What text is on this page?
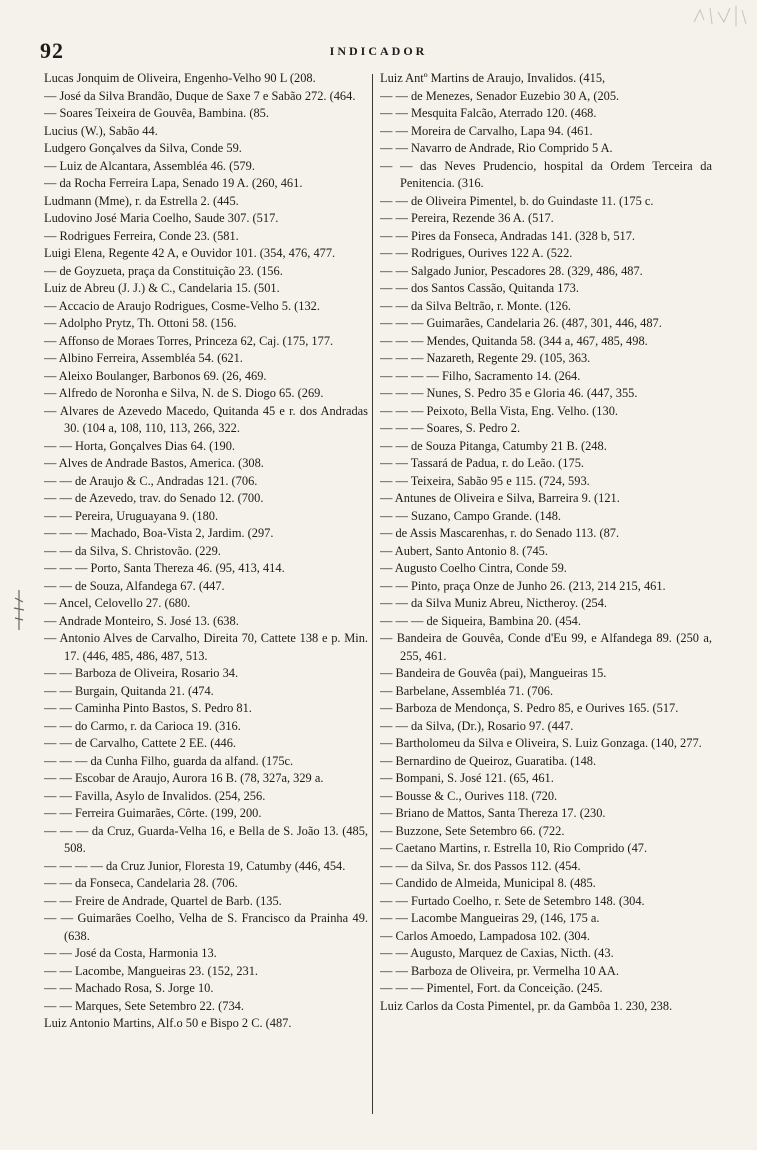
92	INDICADOR

Lucas Jonquim de Oliveira, Engenho-Velho 90 L (208.

— José da Silva Brandão, Duque de Saxe 7 e Sabão 272. (464.

— Soares Teixeira de Gouvêa, Bambina. (85.

Lucius (W.), Sabão 44.

Ludgero Gonçalves da Silva, Conde 59.

— Luiz de Alcantara, Assembléa 46. (579.

— da Rocha Ferreira Lapa, Senado 19 A. (260, 461.

Ludmann (Mme), r. da Estrella 2. (445.

Ludovino José Maria Coelho, Saude 307. (517.

— Rodrigues Ferreira, Conde 23. (581.

Luigi Elena, Regente 42 A, e Ouvidor 101. (354, 476, 477.

— de Goyzueta, praça da Constituição 23. (156.

Luiz de Abreu (J. J.) & C., Candelaria 15. (501.

— Accacio de Araujo Rodrigues, Cosme-Velho 5. (132.

— Adolpho Prytz, Th. Ottoni 58. (156.

— Affonso de Moraes Torres, Princeza 62, Caj. (175, 177.

— Albino Ferreira, Assembléa 54. (621.

— Aleixo Boulanger, Barbonos 69. (26, 469.

— Alfredo de Noronha e Silva, N. de S. Diogo 65. (269.

— Alvares de Azevedo Macedo, Quitanda 45 e r. dos Andradas 30. (104 a, 108, 110, 113, 266, 322.

— — Horta, Gonçalves Dias 64. (190.

— Alves de Andrade Bastos, America. (308.

— — de Araujo & C., Andradas 121. (706.

— — de Azevedo, trav. do Senado 12. (700.

— — Pereira, Uruguayana 9. (180.

— — — Machado, Boa-Vista 2, Jardim. (297.

— — da Silva, S. Christovão. (229.

— — — Porto, Santa Thereza 46. (95, 413, 414.

— — de Souza, Alfandega 67. (447.

— Ancel, Celovello 27. (680.

— Andrade Monteiro, S. José 13. (638.

— Antonio Alves de Carvalho, Direita 70, Cattete 138 e p. Min. 17. (446, 485, 486, 487, 513.

— — Barboza de Oliveira, Rosario 34.

— — Burgain, Quitanda 21. (474.

— — Caminha Pinto Bastos, S. Pedro 81.

— — do Carmo, r. da Carioca 19. (316.

— — de Carvalho, Cattete 2 EE. (446.

— — — da Cunha Filho, guarda da alfand. (175c.

— — Escobar de Araujo, Aurora 16 B. (78, 327a, 329 a.

— — Favilla, Asylo de Invalidos. (254, 256.

— — Ferreira Guimarães, Côrte. (199, 200.

— — — da Cruz, Guarda-Velha 16, e Bella de S. João 13. (485, 508.

— — — — da Cruz Junior, Floresta 19, Catumby (446, 454.

— — da Fonseca, Candelaria 28. (706.

— — Freire de Andrade, Quartel de Barb. (135.

— — Guimarães Coelho, Velha de S. Francisco da Prainha 49. (638.

— — José da Costa, Harmonia 13.

— — Lacombe, Mangueiras 23. (152, 231.

— — Machado Rosa, S. Jorge 10.

— — Marques, Sete Setembro 22. (734.

Luiz Antonio Martins, Alf.o 50 e Bispo 2 C. (487.

Luiz Antº Martins de Araujo, Invalidos. (415,

— — de Menezes, Senador Euzebio 30 A, (205.

— — Mesquita Falcão, Aterrado 120. (468.

— — Moreira de Carvalho, Lapa 94. (461.

— — Navarro de Andrade, Rio Comprido 5 A.

— — das Neves Prudencio, hospital da Ordem Terceira da Penitencia. (316.

— — de Oliveira Pimentel, b. do Guindaste 11. (175 c.

— — Pereira, Rezende 36 A. (517.

— — Pires da Fonseca, Andradas 141. (328 b, 517.

— — Rodrigues, Ourives 122 A. (522.

— — Salgado Junior, Pescadores 28. (329, 486, 487.

— — dos Santos Cassão, Quitanda 173.

— — da Silva Beltrão, r. Monte. (126.

— — — Guimarães, Candelaria 26. (487, 301, 446, 487.

— — — Mendes, Quitanda 58. (344 a, 467, 485, 498.

— — — Nazareth, Regente 29. (105, 363.

— — — — Filho, Sacramento 14. (264.

— — — Nunes, S. Pedro 35 e Gloria 46. (447, 355.

— — — Peixoto, Bella Vista, Eng. Velho. (130.

— — — Soares, S. Pedro 2.

— — de Souza Pitanga, Catumby 21 B. (248.

— — Tassará de Padua, r. do Leão. (175.

— — Teixeira, Sabão 95 e 115. (724, 593.

— Antunes de Oliveira e Silva, Barreira 9. (121.

— — Suzano, Campo Grande. (148.

— de Assis Mascarenhas, r. do Senado 113. (87.

— Aubert, Santo Antonio 8. (745.

— Augusto Coelho Cintra, Conde 59.

— — Pinto, praça Onze de Junho 26. (213, 214 215, 461.

— — da Silva Muniz Abreu, Nictheroy. (254.

— — — de Siqueira, Bambina 20. (454.

— Bandeira de Gouvêa, Conde d'Eu 99, e Alfandega 89. (250 a, 255, 461.

— Bandeira de Gouvêa (pai), Mangueiras 15.

— Barbelane, Assembléa 71. (706.

— Barboza de Mendonça, S. Pedro 85, e Ourives 165. (517.

— — da Silva, (Dr.), Rosario 97. (447.

— Bartholomeu da Silva e Oliveira, S. Luiz Gonzaga. (140, 277.

— Bernardino de Queiroz, Guaratiba. (148.

— Bompani, S. José 121. (65, 461.

— Bousse & C., Ourives 118. (720.

— Briano de Mattos, Santa Thereza 17. (230.

— Buzzone, Sete Setembro 66. (722.

— Caetano Martins, r. Estrella 10, Rio Comprido (47.

— — da Silva, Sr. dos Passos 112. (454.

— Candido de Almeida, Municipal 8. (485.

— — Furtado Coelho, r. Sete de Setembro 148. (304.

— — Lacombe Mangueiras 29, (146, 175 a.

— Carlos Amoedo, Lampadosa 102. (304.

— — Augusto, Marquez de Caxias, Nicth. (43.

— — Barboza de Oliveira, pr. Vermelha 10 AA.

— — — Pimentel, Fort. da Conceição. (245.

Luiz Carlos da Costa Pimentel, pr. da Gambôa 1. 230, 238.
